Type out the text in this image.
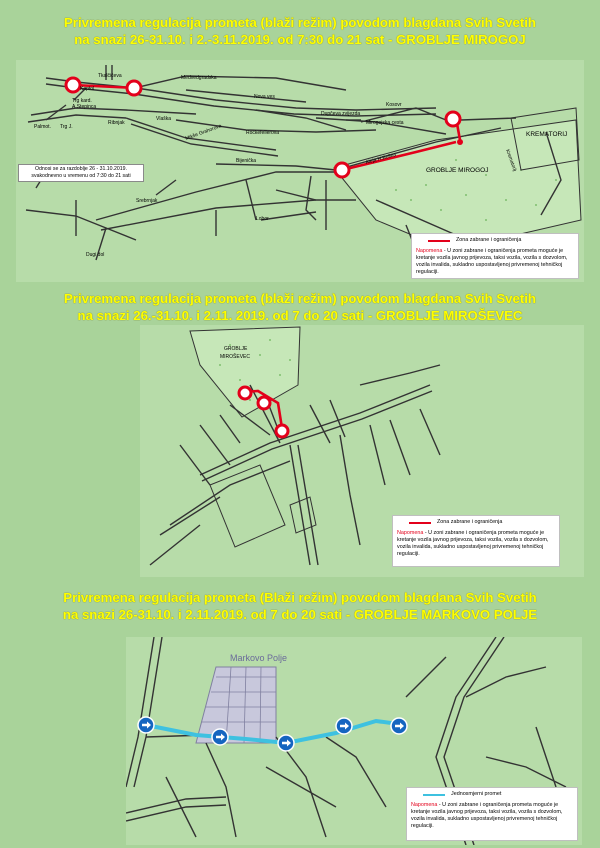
Privremena regulacija prometa (blaži režim) povodom blagdana Svih Svetih
na snazi 26-31.10. i 2.-3.11.2019. od 7:30 do 21 sat - GROBLJE MIROGOJ
Privremena regulacija prometa (blaži režim) povodom blagdana Svih Svetih
na snazi 26.-31.10. i 2.11. 2019. od 7 do 20 sati - GROBLJE MIROŠEVEC
Privremena regulacija prometa (Blaži režim) povodom blagdana Svih Svetih
na snazi 26-31.10. i 2.11.2019. od 7 do 20 sati - GROBLJE MARKOVO POLJE
Tkalčićeva	Medvedgradska
Nova ves
Kaptol
Trg kard.
A.Stepinca
Palmot. Trg J.
Ribnjak
Vlaška
Mikše Grahorova	Rockefellerova
Dupčeva zvijezda
Kosovr
Mirogojska cesta
Aleja H.Bollea
Bijenička
Srebrnjak
Dugi dol
Lobor
Krematorij
GROBLJE MIROGOJ
KREMATORIJ
Odnosi se za razdoblje 26 - 31.10.2019.
svakodnevno u vremenu od 7:30 do 21 sati
Zona zabrane i ograničenja
Napomena - U zoni zabrane i ograničenja prometa moguće je kretanje vozila javnog prijevoza, taksi vozila, vozila s dozvolom, vozila invalida, sukladno uspostavljenoj privremenoj tehničkoj regulaciji.
GROBLJE
MIROŠEVEC
Zona zabrane i ograničenja
Napomena - U zoni zabrane i ograničenja prometa moguće je kretanje vozila javnog prijevoza, taksi vozila, vozila s dozvolom, vozila invalida, sukladno uspostavljenoj privremenoj tehničkoj regulaciji.
Markovo Polje
Jednosmjerni promet
Napomena - U zoni zabrane i ograničenja prometa moguće je kretanje vozila javnog prijevoza, taksi vozila, vozila s dozvolom, vozila invalida, sukladno uspostavljenoj privremenoj tehničkoj regulaciji.
